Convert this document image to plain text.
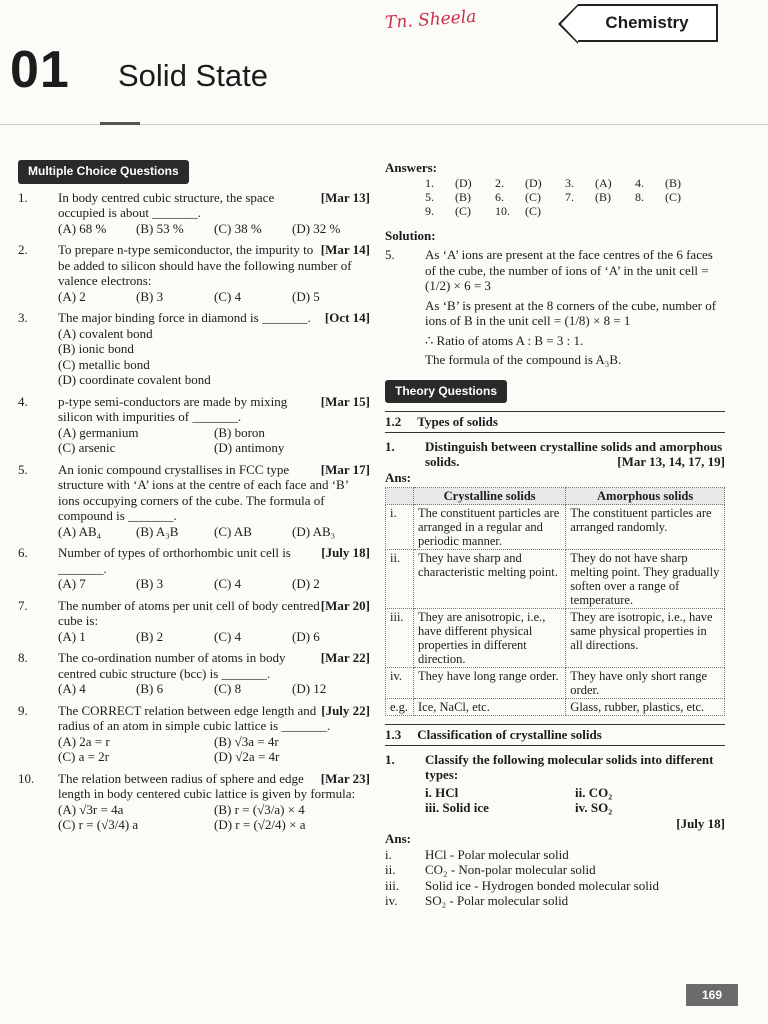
Tn. Sheela	Chemistry
01 Solid State
Multiple Choice Questions
1.	[Mar 13]
In body centred cubic structure, the space occupied is about _______.
(A) 68 %	(B) 53 %	(C) 38 %	(D) 32 %
2.	[Mar 14]
To prepare n-type semiconductor, the impurity to be added to silicon should have the following number of valence electrons:
(A) 2	(B) 3	(C) 4	(D) 5
3.	[Oct 14]
The major binding force in diamond is _______.
(A) covalent bond
(B) ionic bond
(C) metallic bond
(D) coordinate covalent bond
4.	[Mar 15]
p-type semi-conductors are made by mixing silicon with impurities of _______.
(A) germanium	(B) boron
(C) arsenic	(D) antimony
5.	[Mar 17]
An ionic compound crystallises in FCC type structure with ‘A’ ions at the centre of each face and ‘B’ ions occupying corners of the cube. The formula of compound is _______.
(A) AB₄	(B) A₃B	(C) AB	(D) AB₃
6.	[July 18]
Number of types of orthorhombic unit cell is _______.
(A) 7	(B) 3	(C) 4	(D) 2
7.	[Mar 20]
The number of atoms per unit cell of body centred cube is:
(A) 1	(B) 2	(C) 4	(D) 6
8.	[Mar 22]
The co-ordination number of atoms in body centred cubic structure (bcc) is _______.
(A) 4	(B) 6	(C) 8	(D) 12
9.	[July 22]
The CORRECT relation between edge length and radius of an atom in simple cubic lattice is _______.
(A) 2a = r	(B) √3a = 4r
(C) a = 2r	(D) √2a = 4r
10.	[Mar 23]
The relation between radius of sphere and edge length in body centered cubic lattice is given by formula:
(A) √3r = 4a	(B) r = (√3/a) × 4
(C) r = (√3/4) a	(D) r = (√2/4) × a
Answers:
1.	(D)	2.	(D)	3.	(A)	4.	(B)
5.	(B)	6.	(C)	7.	(B)	8.	(C)
9.	(C)	10.	(C)
Solution:
5. As ‘A’ ions are present at the face centres of the 6 faces of the cube, the number of ions of ‘A’ in the unit cell = (1/2) × 6 = 3
As ‘B’ is present at the 8 corners of the cube, number of ions of B in the unit cell = (1/8) × 8 = 1
∴ Ratio of atoms A : B = 3 : 1.
The formula of the compound is A₃B.
Theory Questions
1.2 Types of solids
1. Distinguish between crystalline solids and amorphous solids.	[Mar 13, 14, 17, 19]
Ans:
	Crystalline solids	Amorphous solids
i.	The constituent particles are arranged in a regular and periodic manner.	The constituent particles are arranged randomly.
ii.	They have sharp and characteristic melting point.	They do not have sharp melting point. They gradually soften over a range of temperature.
iii.	They are anisotropic, i.e., have different physical properties in different direction.	They are isotropic, i.e., have same physical properties in all directions.
iv.	They have long range order.	They have only short range order.
e.g.	Ice, NaCl, etc.	Glass, rubber, plastics, etc.
1.3 Classification of crystalline solids
1. Classify the following molecular solids into different types:
i. HCl	ii. CO₂
iii. Solid ice	iv. SO₂
[July 18]
Ans:
i.	HCl - Polar molecular solid
ii. CO₂ - Non-polar molecular solid
iii. Solid ice - Hydrogen bonded molecular solid
iv. SO₂ - Polar molecular solid
169
